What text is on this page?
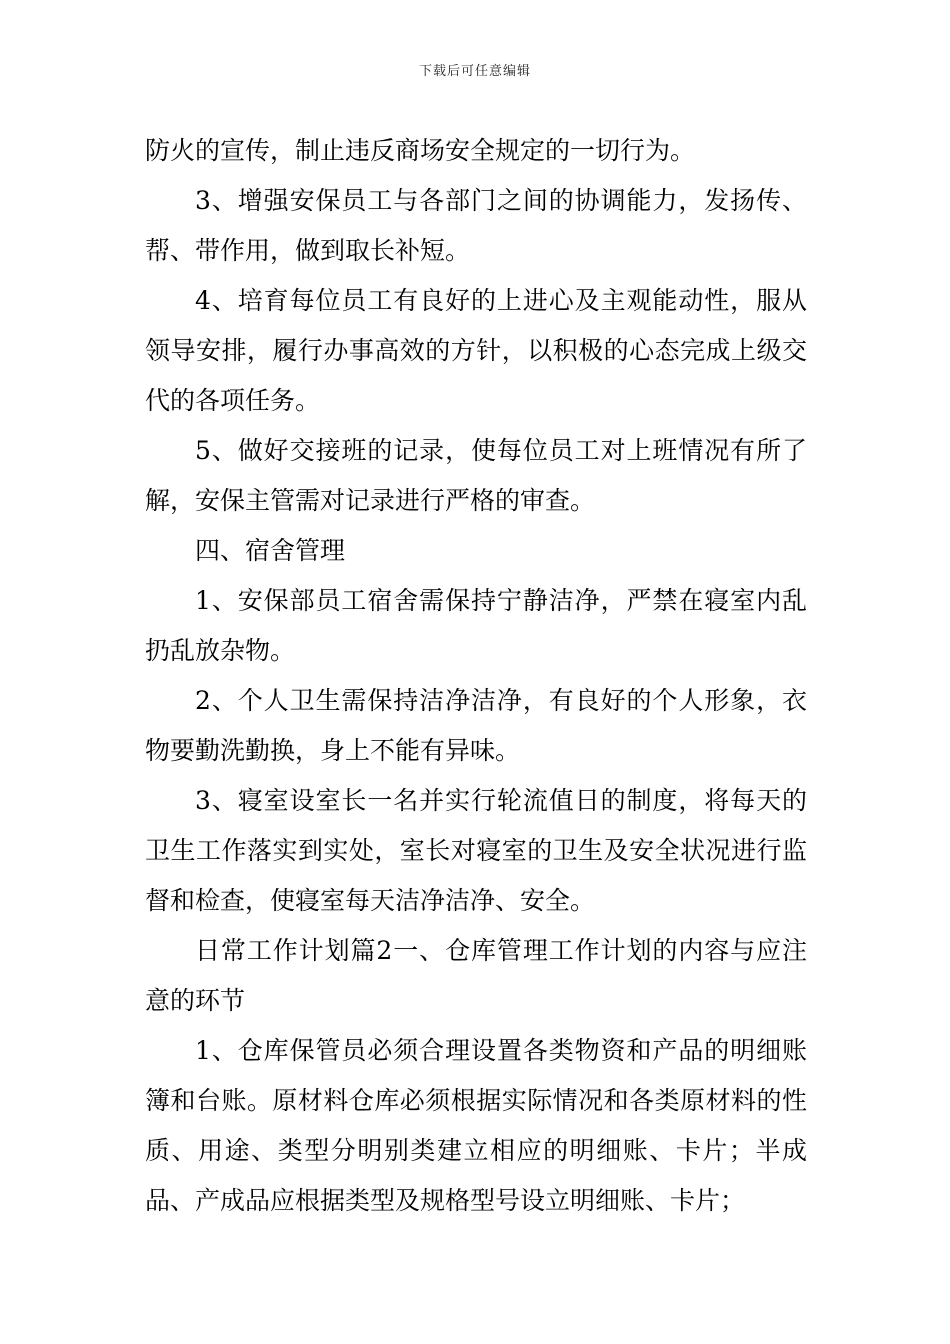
下载后可任意编辑

防火的宣传，制止违反商场安全规定的一切行为。

3、增强安保员工与各部门之间的协调能力，发扬传、帮、带作用，做到取长补短。

4、培育每位员工有良好的上进心及主观能动性，服从领导安排，履行办事高效的方针，以积极的心态完成上级交代的各项任务。

5、做好交接班的记录，使每位员工对上班情况有所了解，安保主管需对记录进行严格的审查。

四、宿舍管理

1、安保部员工宿舍需保持宁静洁净，严禁在寝室内乱扔乱放杂物。

2、个人卫生需保持洁净洁净，有良好的个人形象，衣物要勤洗勤换，身上不能有异味。

3、寝室设室长一名并实行轮流值日的制度，将每天的卫生工作落实到实处，室长对寝室的卫生及安全状况进行监督和检查，使寝室每天洁净洁净、安全。

日常工作计划篇2一、仓库管理工作计划的内容与应注意的环节

1、仓库保管员必须合理设置各类物资和产品的明细账簿和台账。原材料仓库必须根据实际情况和各类原材料的性质、用途、类型分明别类建立相应的明细账、卡片；半成品、产成品应根据类型及规格型号设立明细账、卡片；
